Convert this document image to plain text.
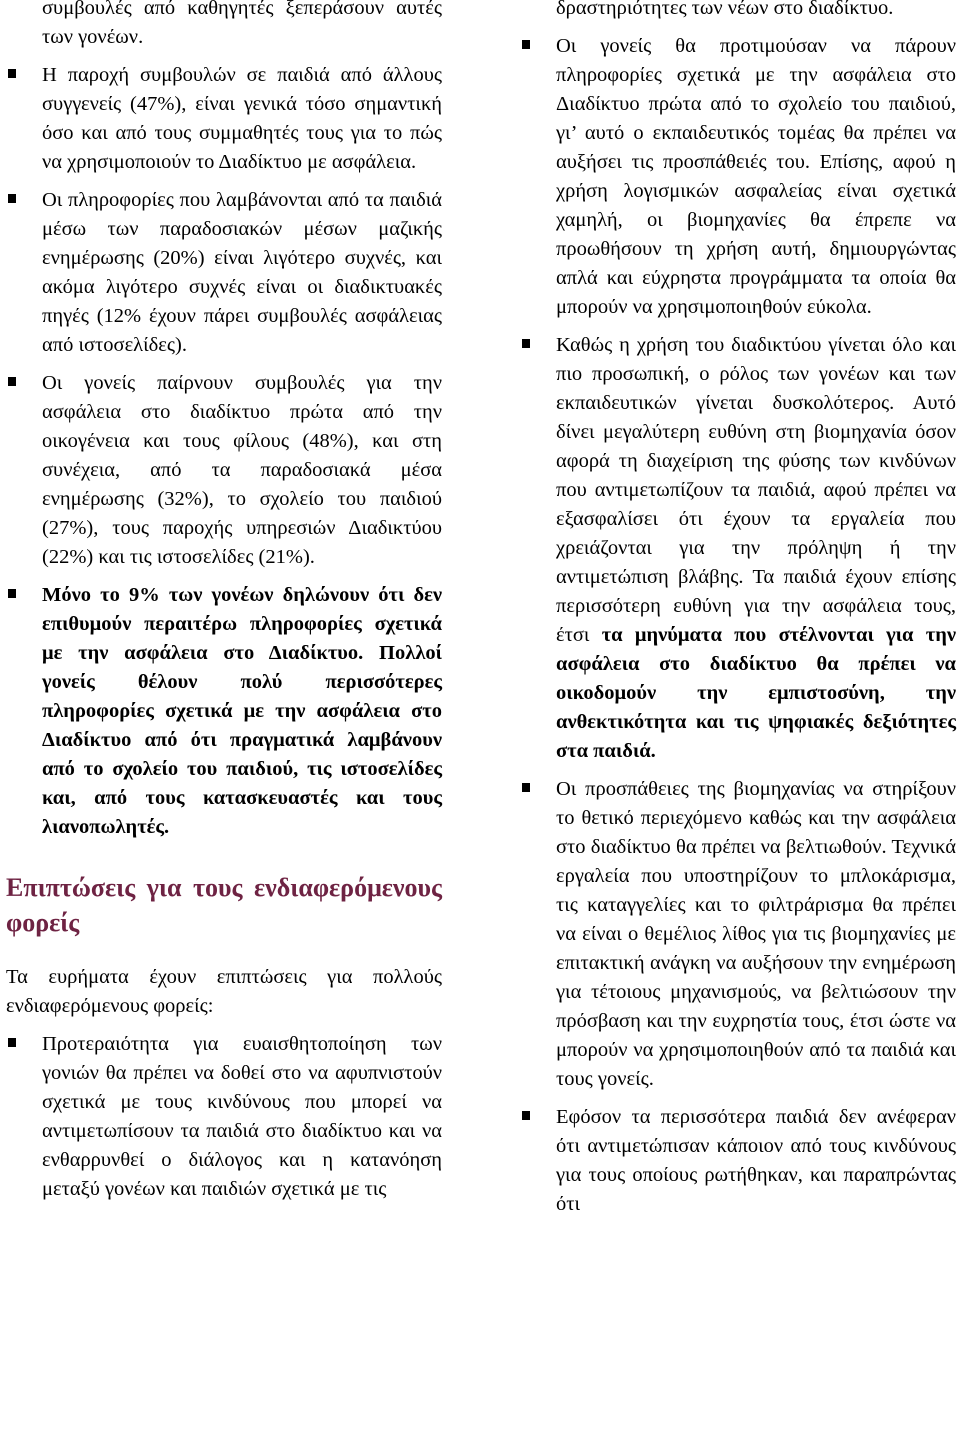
συμβουλές από καθηγητές ξεπεράσουν αυτές των γονέων.
Η παροχή συμβουλών σε παιδιά από άλλους συγγενείς (47%), είναι γενικά τόσο σημαντική όσο και από τους συμμαθητές τους για το πώς να χρησιμοποιούν το Διαδίκτυο με ασφάλεια.
Οι πληροφορίες που λαμβάνονται από τα παιδιά μέσω των παραδοσιακών μέσων μαζικής ενημέρωσης (20%) είναι λιγότερο συχνές, και ακόμα λιγότερο συχνές είναι οι διαδικτυακές πηγές (12% έχουν πάρει συμβουλές ασφάλειας από ιστοσελίδες).
Οι γονείς παίρνουν συμβουλές για την ασφάλεια στο διαδίκτυο πρώτα από την οικογένεια και τους φίλους (48%), και στη συνέχεια, από τα παραδοσιακά μέσα ενημέρωσης (32%), το σχολείο του παιδιού (27%), τους παροχής υπηρεσιών Διαδικτύου (22%) και τις ιστοσελίδες (21%).
Μόνο το 9% των γονέων δηλώνουν ότι δεν επιθυμούν περαιτέρω πληροφορίες σχετικά με την ασφάλεια στο Διαδίκτυο. Πολλοί γονείς θέλουν πολύ περισσότερες πληροφορίες σχετικά με την ασφάλεια στο Διαδίκτυο από ότι πραγματικά λαμβάνουν από το σχολείο του παιδιού, τις ιστοσελίδες και, από τους κατασκευαστές και τους λιανοπωλητές.
Επιπτώσεις για τους ενδιαφερόμενους φορείς
Τα ευρήματα έχουν επιπτώσεις για πολλούς ενδιαφερόμενους φορείς:
Προτεραιότητα για ευαισθητοποίηση των γονιών θα πρέπει να δοθεί στο να αφυπνιστούν σχετικά με τους κινδύνους που μπορεί να αντιμετωπίσουν τα παιδιά στο διαδίκτυο και να ενθαρρυνθεί ο διάλογος και η κατανόηση μεταξύ γονέων και παιδιών σχετικά με τις
δραστηριότητες των νέων στο διαδίκτυο.
Οι γονείς θα προτιμούσαν να πάρουν πληροφορίες σχετικά με την ασφάλεια στο Διαδίκτυο πρώτα από το σχολείο του παιδιού, γι’ αυτό ο εκπαιδευτικός τομέας θα πρέπει να αυξήσει τις προσπάθειές του. Επίσης, αφού η χρήση λογισμικών ασφαλείας είναι σχετικά χαμηλή, οι βιομηχανίες θα έπρεπε να προωθήσουν τη χρήση αυτή, δημιουργώντας απλά και εύχρηστα προγράμματα τα οποία θα μπορούν να χρησιμοποιηθούν εύκολα.
Καθώς η χρήση του διαδικτύου γίνεται όλο και πιο προσωπική, ο ρόλος των γονέων και των εκπαιδευτικών γίνεται δυσκολότερος. Αυτό δίνει μεγαλύτερη ευθύνη στη βιομηχανία όσον αφορά τη διαχείριση της φύσης των κινδύνων που αντιμετωπίζουν τα παιδιά, αφού πρέπει να εξασφαλίσει ότι έχουν τα εργαλεία που χρειάζονται για την πρόληψη ή την αντιμετώπιση βλάβης. Τα παιδιά έχουν επίσης περισσότερη ευθύνη για την ασφάλεια τους, έτσι τα μηνύματα που στέλνονται για την ασφάλεια στο διαδίκτυο θα πρέπει να οικοδομούν την εμπιστοσύνη, την ανθεκτικότητα και τις ψηφιακές δεξιότητες στα παιδιά.
Οι προσπάθειες της βιομηχανίας να στηρίξουν το θετικό περιεχόμενο καθώς και την ασφάλεια στο διαδίκτυο θα πρέπει να βελτιωθούν. Τεχνικά εργαλεία που υποστηρίζουν το μπλοκάρισμα, τις καταγγελίες και το φιλτράρισμα θα πρέπει να είναι ο θεμέλιος λίθος για τις βιομηχανίες με επιτακτική ανάγκη να αυξήσουν την ενημέρωση για τέτοιους μηχανισμούς, να βελτιώσουν την πρόσβαση και την ευχρηστία τους, έτσι ώστε να μπορούν να χρησιμοποιηθούν από τα παιδιά και τους γονείς.
Εφόσον τα περισσότερα παιδιά δεν ανέφεραν ότι αντιμετώπισαν κάποιον από τους κινδύνους για τους οποίους ρωτήθηκαν, και παραπρώντας ότι
